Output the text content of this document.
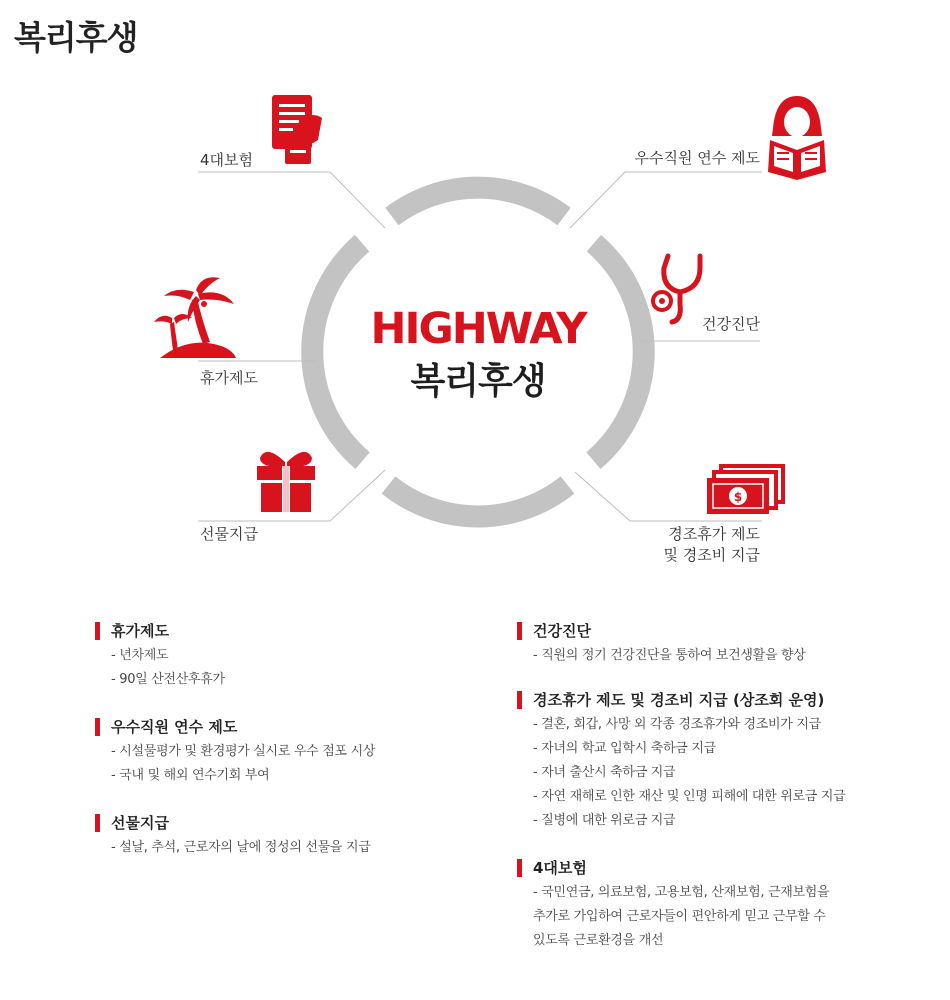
복리후생
$
HIGHWAY
복리후생
4대보험
휴가제도
선물지급
우수직원 연수 제도
건강진단
경조휴가 제도
및 경조비 지급
휴가제도
- 년차제도
- 90일 산전산후휴가
우수직원 연수 제도
- 시설물평가 및 환경평가 실시로 우수 점포 시상
- 국내 및 해외 연수기회 부여
선물지급
- 설날, 추석, 근로자의 날에 정성의 선물을 지급
건강진단
- 직원의 정기 건강진단을 통하여 보건생활을 향상
경조휴가 제도 및 경조비 지급 (상조회 운영)
- 결혼, 회갑, 사망 외 각종 경조휴가와 경조비가 지급
- 자녀의 학교 입학시 축하금 지급
- 자녀 출산시 축하금 지급
- 자연 재해로 인한 재산 및 인명 피해에 대한 위로금 지급
- 질병에 대한 위로금 지급
4대보험
- 국민연금, 의료보험, 고용보험, 산재보험, 근재보험을
추가로 가입하여 근로자들이 편안하게 믿고 근무할 수
있도록 근로환경을 개선
